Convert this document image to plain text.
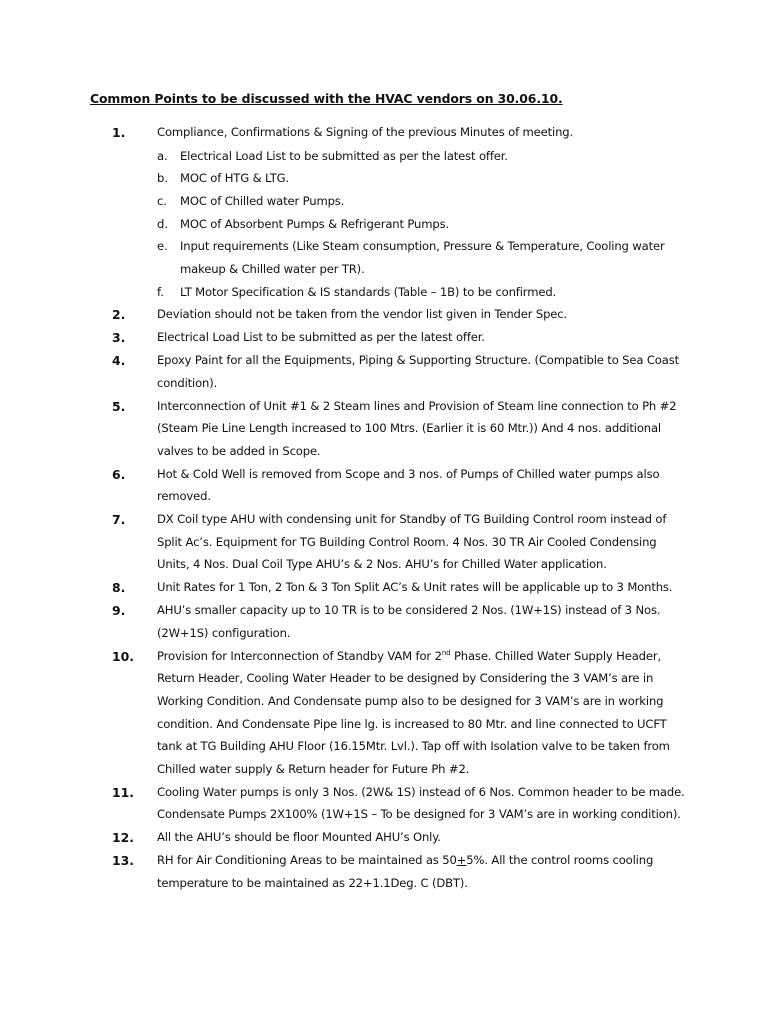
Common Points to be discussed with the HVAC vendors on 30.06.10.
1.	Compliance, Confirmations & Signing of the previous Minutes of meeting.
a. Electrical Load List to be submitted as per the latest offer.
b. MOC of HTG & LTG.
c. MOC of Chilled water Pumps.
d. MOC of Absorbent Pumps & Refrigerant Pumps.
e. Input requirements (Like Steam consumption, Pressure & Temperature, Cooling water
makeup & Chilled water per TR).
f. LT Motor Specification & IS standards (Table – 1B) to be confirmed.
2.	Deviation should not be taken from the vendor list given in Tender Spec.
3.	Electrical Load List to be submitted as per the latest offer.
4.	Epoxy Paint for all the Equipments, Piping & Supporting Structure. (Compatible to Sea Coast
condition).
5.	Interconnection of Unit #1 & 2 Steam lines and Provision of Steam line connection to Ph #2
(Steam Pie Line Length increased to 100 Mtrs. (Earlier it is 60 Mtr.)) And 4 nos. additional
valves to be added in Scope.
6.	Hot & Cold Well is removed from Scope and 3 nos. of Pumps of Chilled water pumps also
removed.
7.	DX Coil type AHU with condensing unit for Standby of TG Building Control room instead of
Split Ac’s. Equipment for TG Building Control Room. 4 Nos. 30 TR Air Cooled Condensing
Units, 4 Nos. Dual Coil Type AHU’s & 2 Nos. AHU’s for Chilled Water application.
8.	Unit Rates for 1 Ton, 2 Ton & 3 Ton Split AC’s & Unit rates will be applicable up to 3 Months.
9.	AHU’s smaller capacity up to 10 TR is to be considered 2 Nos. (1W+1S) instead of 3 Nos.
(2W+1S) configuration.
10. Provision for Interconnection of Standby VAM for 2nd Phase. Chilled Water Supply Header,
Return Header, Cooling Water Header to be designed by Considering the 3 VAM’s are in
Working Condition. And Condensate pump also to be designed for 3 VAM’s are in working
condition. And Condensate Pipe line lg. is increased to 80 Mtr. and line connected to UCFT
tank at TG Building AHU Floor (16.15Mtr. Lvl.). Tap off with Isolation valve to be taken from
Chilled water supply & Return header for Future Ph #2.
11. Cooling Water pumps is only 3 Nos. (2W& 1S) instead of 6 Nos. Common header to be made.
Condensate Pumps 2X100% (1W+1S – To be designed for 3 VAM’s are in working condition).
12. All the AHU’s should be floor Mounted AHU’s Only.
13. RH for Air Conditioning Areas to be maintained as 50+5%. All the control rooms cooling
temperature to be maintained as 22+1.1Deg. C (DBT).
